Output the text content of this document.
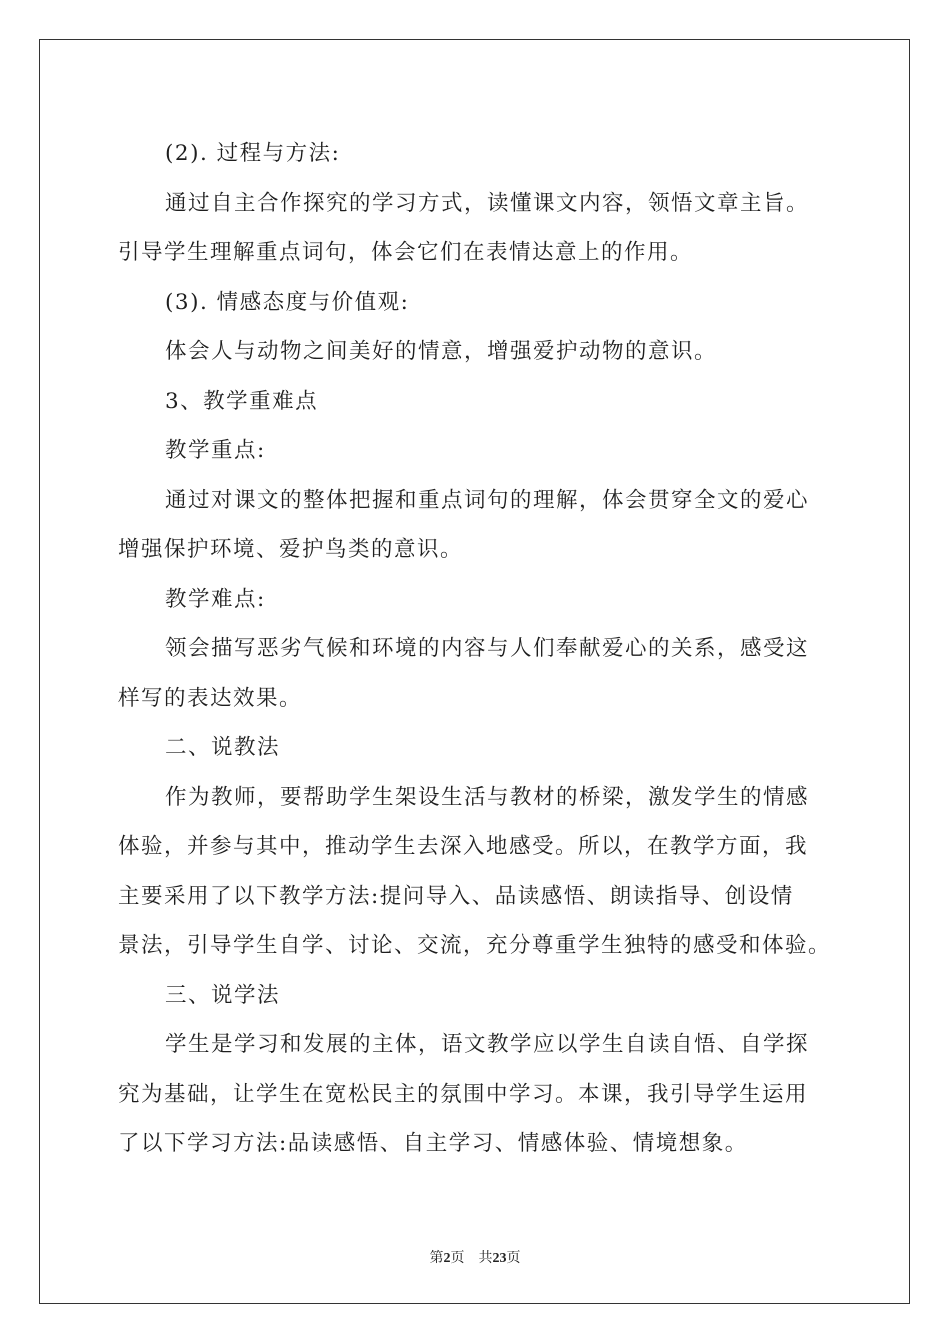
(2). 过程与方法:
通过自主合作探究的学习方式，读懂课文内容，领悟文章主旨。
引导学生理解重点词句，体会它们在表情达意上的作用。
(3). 情感态度与价值观:
体会人与动物之间美好的情意，增强爱护动物的意识。
3、教学重难点
教学重点:
通过对课文的整体把握和重点词句的理解，体会贯穿全文的爱心
增强保护环境、爱护鸟类的意识。
教学难点:
领会描写恶劣气候和环境的内容与人们奉献爱心的关系，感受这
样写的表达效果。
二、说教法
作为教师，要帮助学生架设生活与教材的桥梁，激发学生的情感
体验，并参与其中，推动学生去深入地感受。所以，在教学方面，我
主要采用了以下教学方法:提问导入、品读感悟、朗读指导、创设情
景法，引导学生自学、讨论、交流，充分尊重学生独特的感受和体验。
三、说学法
学生是学习和发展的主体，语文教学应以学生自读自悟、自学探
究为基础，让学生在宽松民主的氛围中学习。本课，我引导学生运用
了以下学习方法:品读感悟、自主学习、情感体验、情境想象。
第2页 共23页
